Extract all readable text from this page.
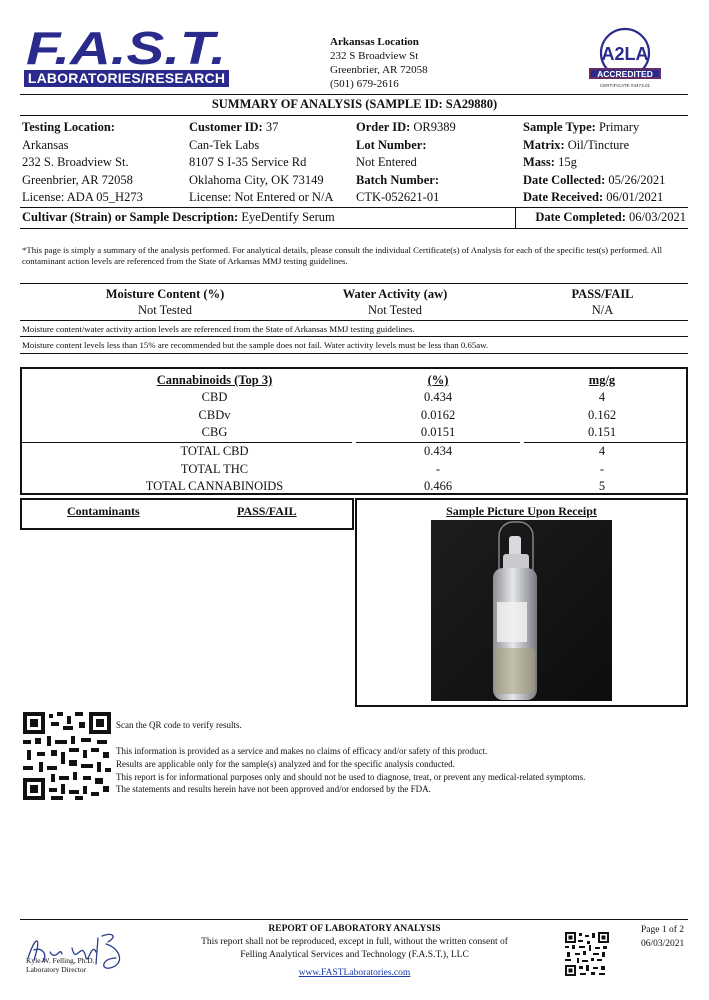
F.A.S.T.
LABORATORIES/RESEARCH
Arkansas Location
232 S Broadview St
Greenbrier, AR 72058
(501) 679-2616
A2LA
ACCREDITED
CERTIFICATE #4473.01
SUMMARY OF ANALYSIS (SAMPLE ID: SA29880)
Testing Location:	Customer ID: 37	Order ID: OR9389	Sample Type: Primary
Arkansas	Can-Tek Labs	Lot Number:	Matrix: Oil/Tincture
232 S. Broadview St.	8107 S I-35 Service Rd	Not Entered	Mass: 15g
Greenbrier, AR 72058	Oklahoma City, OK 73149	Batch Number:	Date Collected: 05/26/2021
License: ADA 05_H273	License: Not Entered or N/A	CTK-052621-01	Date Received: 06/01/2021
Cultivar (Strain) or Sample Description: EyeDentify Serum	Date Completed: 06/03/2021
*This page is simply a summary of the analysis performed. For analytical details, please consult the individual Certificate(s) of Analysis for each of the specific test(s) performed. All contaminant action levels are referenced from the State of Arkansas MMJ testing guidelines.
Moisture Content (%)	Water Activity (aw)	PASS/FAIL
Not Tested	Not Tested	N/A
Moisture content/water activity action levels are referenced from the State of Arkansas MMJ testing guidelines.
Moisture content levels less than 15% are recommended but the sample does not fail. Water activity levels must be less than 0.65aw.
Cannabinoids (Top 3)	(%)	mg/g
CBD	0.434	4
CBDv	0.0162	0.162
CBG	0.0151	0.151
TOTAL CBD	0.434	4
TOTAL THC	-	-
TOTAL CANNABINOIDS	0.466	5
Contaminants	PASS/FAIL	Sample Picture Upon Receipt
Scan the QR code to verify results.
This information is provided as a service and makes no claims of efficacy and/or safety of this product.
Results are applicable only for the sample(s) analyzed and for the specific analysis conducted.
This report is for informational purposes only and should not be used to diagnose, treat, or prevent any medical-related symptoms.
The statements and results herein have not been approved and/or endorsed by the FDA.
Kyle W. Felling, Ph.D.
Laboratory Director
REPORT OF LABORATORY ANALYSIS
This report shall not be reproduced, except in full, without the written consent of
Felling Analytical Services and Technology (F.A.S.T.), LLC
www.FASTLaboratories.com
Page 1 of 2
06/03/2021
